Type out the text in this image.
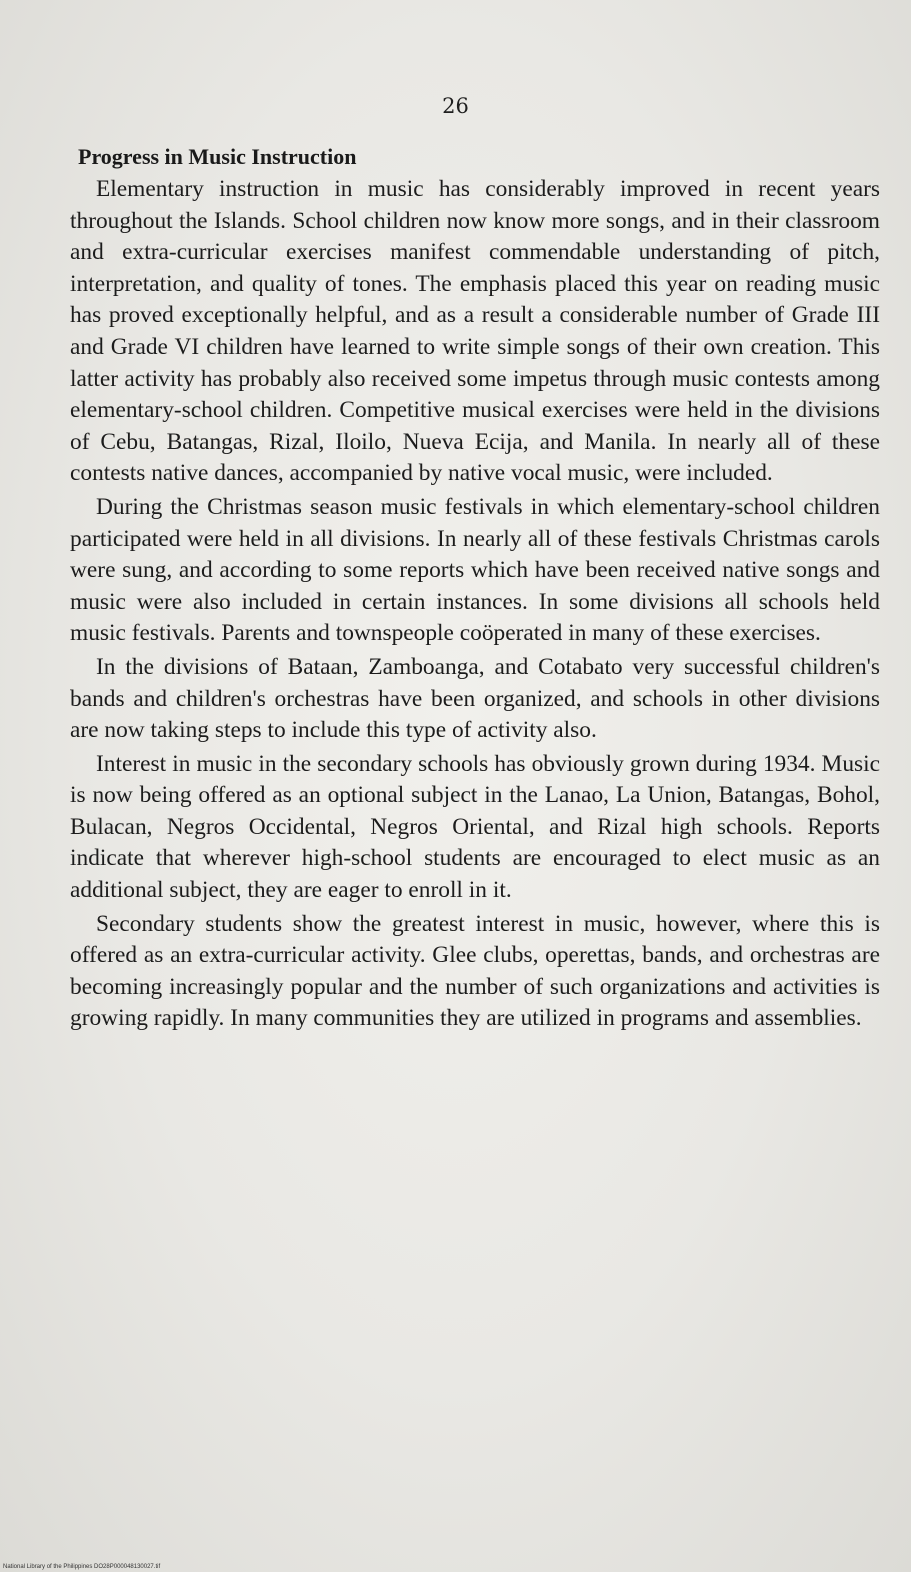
26
Progress in Music Instruction

Elementary instruction in music has considerably improved in recent years throughout the Islands. School children now know more songs, and in their classroom and extra-curricular exercises manifest commendable understanding of pitch, interpretation, and quality of tones. The emphasis placed this year on reading music has proved exceptionally helpful, and as a result a considerable number of Grade III and Grade VI children have learned to write simple songs of their own creation. This latter activity has probably also received some impetus through music contests among elementary-school children. Competitive musical exercises were held in the divisions of Cebu, Batangas, Rizal, Iloilo, Nueva Ecija, and Manila. In nearly all of these contests native dances, accompanied by native vocal music, were included.

During the Christmas season music festivals in which elementary-school children participated were held in all divisions. In nearly all of these festivals Christmas carols were sung, and according to some reports which have been received native songs and music were also included in certain instances. In some divisions all schools held music festivals. Parents and townspeople coöperated in many of these exercises.

In the divisions of Bataan, Zamboanga, and Cotabato very successful children's bands and children's orchestras have been organized, and schools in other divisions are now taking steps to include this type of activity also.

Interest in music in the secondary schools has obviously grown during 1934. Music is now being offered as an optional subject in the Lanao, La Union, Batangas, Bohol, Bulacan, Negros Occidental, Negros Oriental, and Rizal high schools. Reports indicate that wherever high-school students are encouraged to elect music as an additional subject, they are eager to enroll in it.

Secondary students show the greatest interest in music, however, where this is offered as an extra-curricular activity. Glee clubs, operettas, bands, and orchestras are becoming increasingly popular and the number of such organizations and activities is growing rapidly. In many communities they are utilized in programs and assemblies.

National Library of the Philippines DO28P000048130027.tif
